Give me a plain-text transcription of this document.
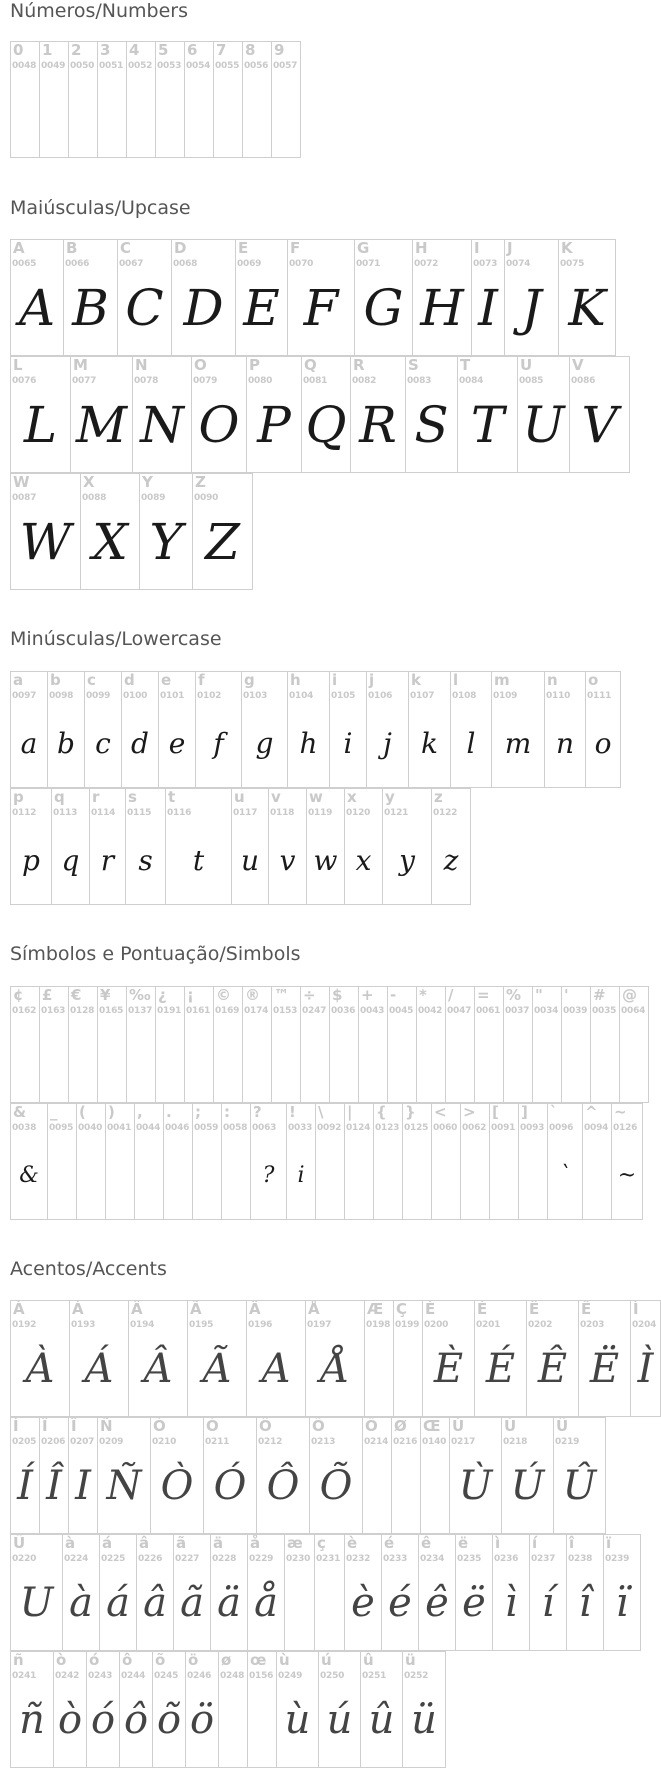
Números/Numbers
Maiúsculas/Upcase
Minúsculas/Lowercase
Símbolos e Pontuação/Simbols
Acentos/Accents
0
0048
1
0049
2
0050
3
0051
4
0052
5
0053
6
0054
7
0055
8
0056
9
0057
A
0065
A
B
0066
B
C
0067
C
D
0068
D
E
0069
E
F
0070
F
G
0071
G
H
0072
H
I
0073
I
J
0074
J
K
0075
K
L
0076
L
M
0077
M
N
0078
N
O
0079
O
P
0080
P
Q
0081
Q
R
0082
R
S
0083
S
T
0084
T
U
0085
U
V
0086
V
W
0087
W
X
0088
X
Y
0089
Y
Z
0090
Z
a
0097
a
b
0098
b
c
0099
c
d
0100
d
e
0101
e
f
0102
f
g
0103
g
h
0104
h
i
0105
i
j
0106
j
k
0107
k
l
0108
l
m
0109
m
n
0110
n
o
0111
o
p
0112
p
q
0113
q
r
0114
r
s
0115
s
t
0116
t
u
0117
u
v
0118
v
w
0119
w
x
0120
x
y
0121
y
z
0122
z
¢
0162
£
0163
€
0128
¥
0165
‰
0137
¿
0191
¡
0161
©
0169
®
0174
™
0153
÷
0247
$
0036
+
0043
-
0045
*
0042
/
0047
=
0061
%
0037
"
0034
'
0039
#
0035
@
0064
&
0038
&
_
0095
(
0040
)
0041
,
0044
.
0046
;
0059
:
0058
?
0063
?
!
0033
i
\
0092
|
0124
{
0123
}
0125
<
0060
>
0062
[
0091
]
0093
`
0096
`
^
0094
~
0126
~
À
0192
À
Á
0193
Á
Â
0194
Â
Ã
0195
Ã
Ä
0196
A
Å
0197
Å
Æ
0198
Ç
0199
È
0200
È
É
0201
É
Ê
0202
Ê
Ë
0203
Ë
Ì
0204
Ì
Í
0205
Í
Î
0206
Î
Ï
0207
I
Ñ
0209
Ñ
Ò
0210
Ò
Ó
0211
Ó
Ô
0212
Ô
Õ
0213
Õ
Ö
0214
Ø
0216
Œ
0140
Ù
0217
Ù
Ú
0218
Ú
Û
0219
Û
Ü
0220
U
à
0224
à
á
0225
á
â
0226
â
ã
0227
ã
ä
0228
ä
å
0229
å
æ
0230
ç
0231
è
0232
è
é
0233
é
ê
0234
ê
ë
0235
ë
ì
0236
ì
í
0237
í
î
0238
î
ï
0239
ï
ñ
0241
ñ
ò
0242
ò
ó
0243
ó
ô
0244
ô
õ
0245
õ
ö
0246
ö
ø
0248
œ
0156
ù
0249
ù
ú
0250
ú
û
0251
û
ü
0252
ü
